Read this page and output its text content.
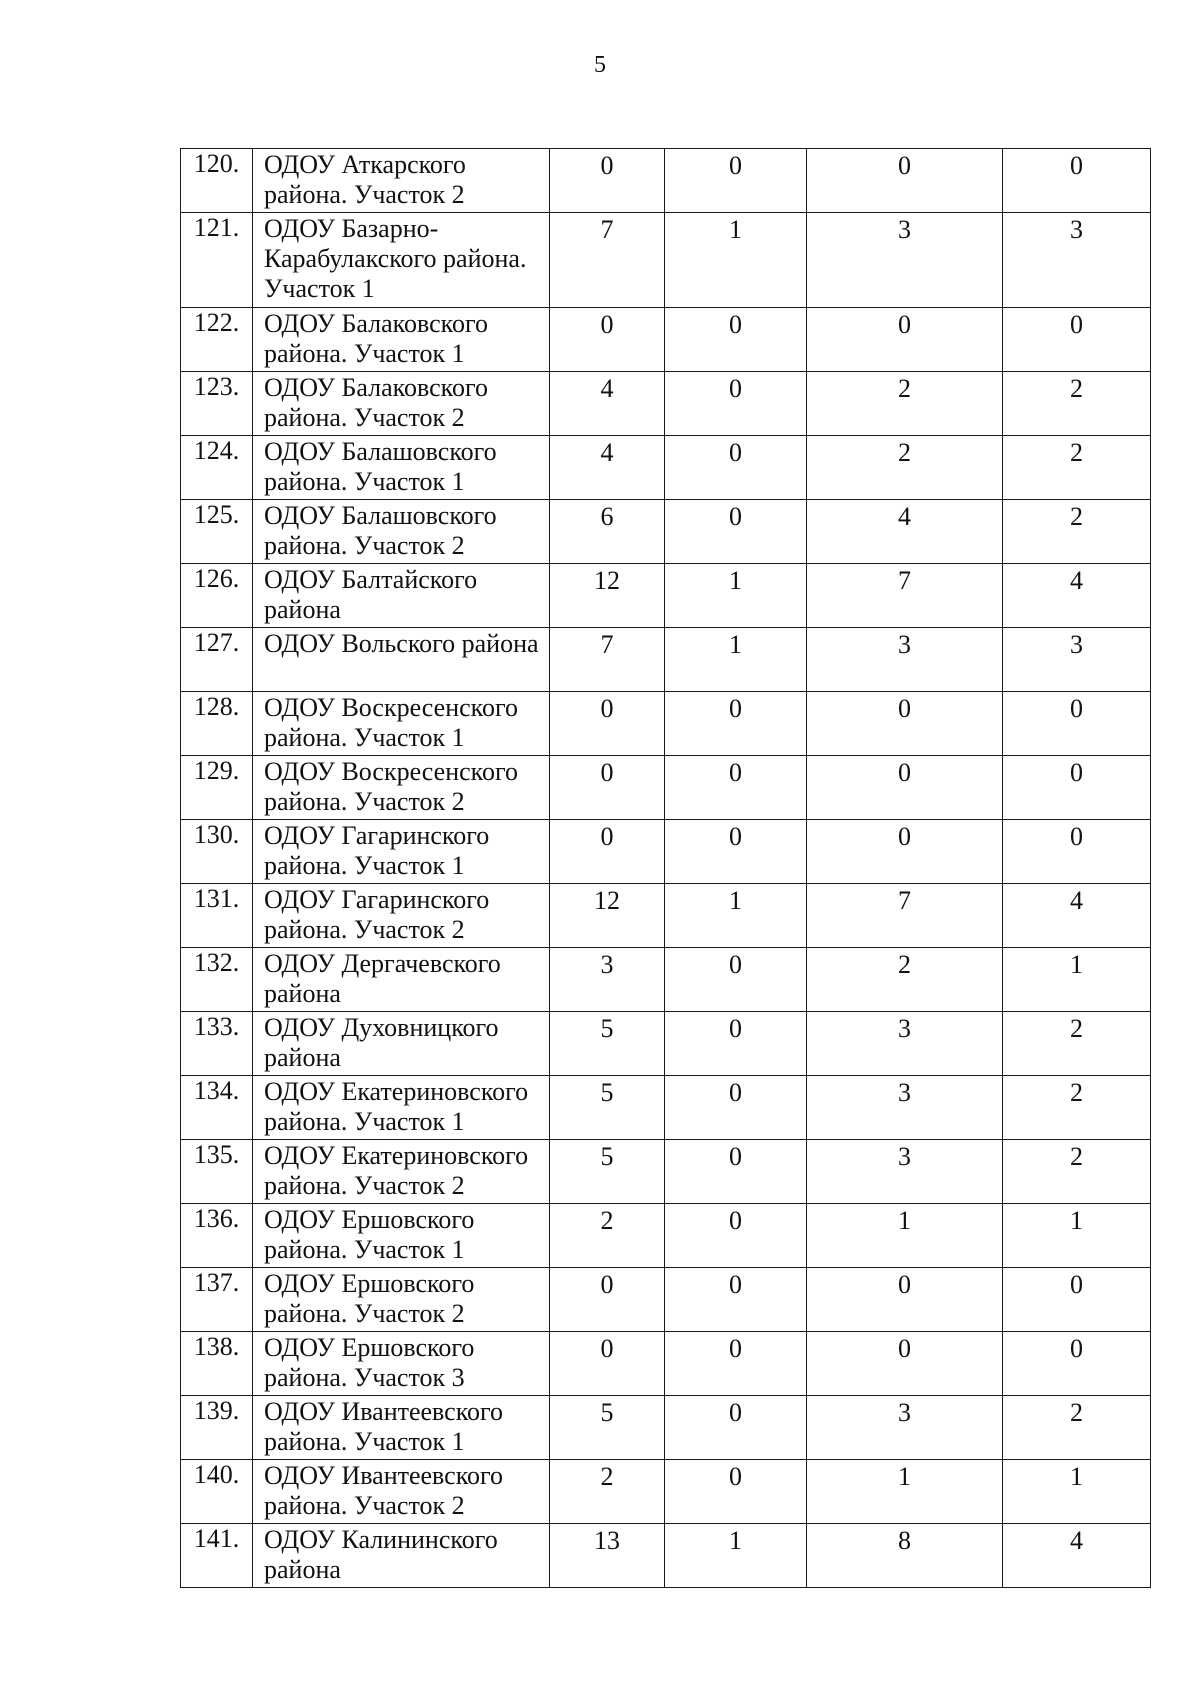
5
120.	ОДОУ Аткарского района. Участок 2	0	0	0	0
121.	ОДОУ Базарно-Карабулакского района. Участок 1	7	1	3	3
122.	ОДОУ Балаковского района. Участок 1	0	0	0	0
123.	ОДОУ Балаковского района. Участок 2	4	0	2	2
124.	ОДОУ Балашовского района. Участок 1	4	0	2	2
125.	ОДОУ Балашовского района. Участок 2	6	0	4	2
126.	ОДОУ Балтайского района	12	1	7	4
127.	ОДОУ Вольского района	7	1	3	3
128.	ОДОУ Воскресенского района. Участок 1	0	0	0	0
129.	ОДОУ Воскресенского района. Участок 2	0	0	0	0
130.	ОДОУ Гагаринского района. Участок 1	0	0	0	0
131.	ОДОУ Гагаринского района. Участок 2	12	1	7	4
132.	ОДОУ Дергачевского района	3	0	2	1
133.	ОДОУ Духовницкого района	5	0	3	2
134.	ОДОУ Екатериновского района. Участок 1	5	0	3	2
135.	ОДОУ Екатериновского района. Участок 2	5	0	3	2
136.	ОДОУ Ершовского района. Участок 1	2	0	1	1
137.	ОДОУ Ершовского района. Участок 2	0	0	0	0
138.	ОДОУ Ершовского района. Участок 3	0	0	0	0
139.	ОДОУ Ивантеевского района. Участок 1	5	0	3	2
140.	ОДОУ Ивантеевского района. Участок 2	2	0	1	1
141.	ОДОУ Калининского района	13	1	8	4
